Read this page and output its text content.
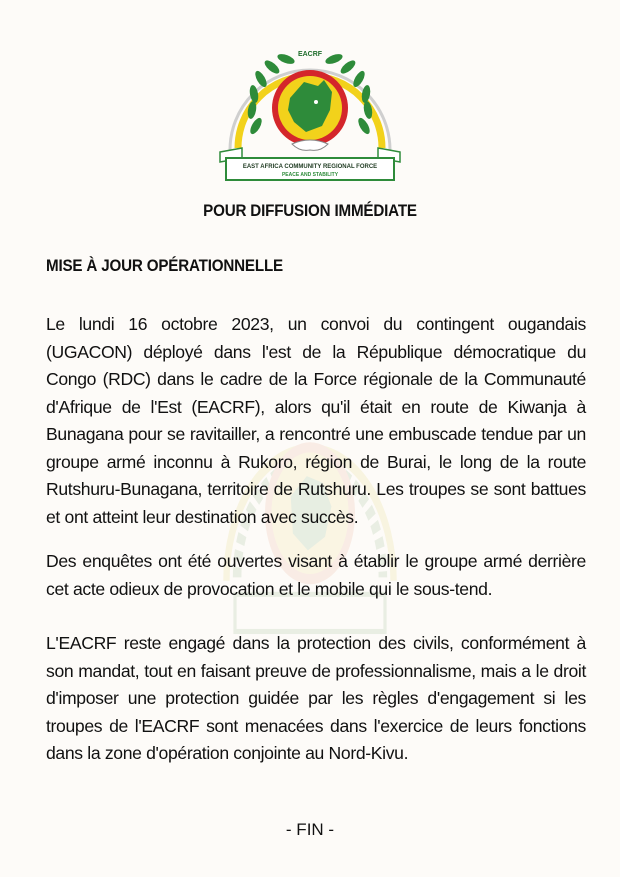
EACRF
EAST AFRICA COMMUNITY REGIONAL FORCE
PEACE AND STABILITY
POUR DIFFUSION IMMÉDIATE
MISE À JOUR OPÉRATIONNELLE

Le lundi 16 octobre 2023, un convoi du contingent ougandais (UGACON) déployé dans l'est de la République démocratique du Congo (RDC) dans le cadre de la Force régionale de la Communauté d'Afrique de l'Est (EACRF), alors qu'il était en route de Kiwanja à Bunagana pour se ravitailler, a rencontré une embuscade tendue par un groupe armé inconnu à Rukoro, région de Burai, le long de la route Rutshuru-Bunagana, territoire de Rutshuru. Les troupes se sont battues et ont atteint leur destination avec succès.

Des enquêtes ont été ouvertes visant à établir le groupe armé derrière cet acte odieux de provocation et le mobile qui le sous-tend.

L'EACRF reste engagé dans la protection des civils, conformément à son mandat, tout en faisant preuve de professionnalisme, mais a le droit d'imposer une protection guidée par les règles d'engagement si les troupes de l'EACRF sont menacées dans l'exercice de leurs fonctions dans la zone d'opération conjointe au Nord-Kivu.

- FIN -
